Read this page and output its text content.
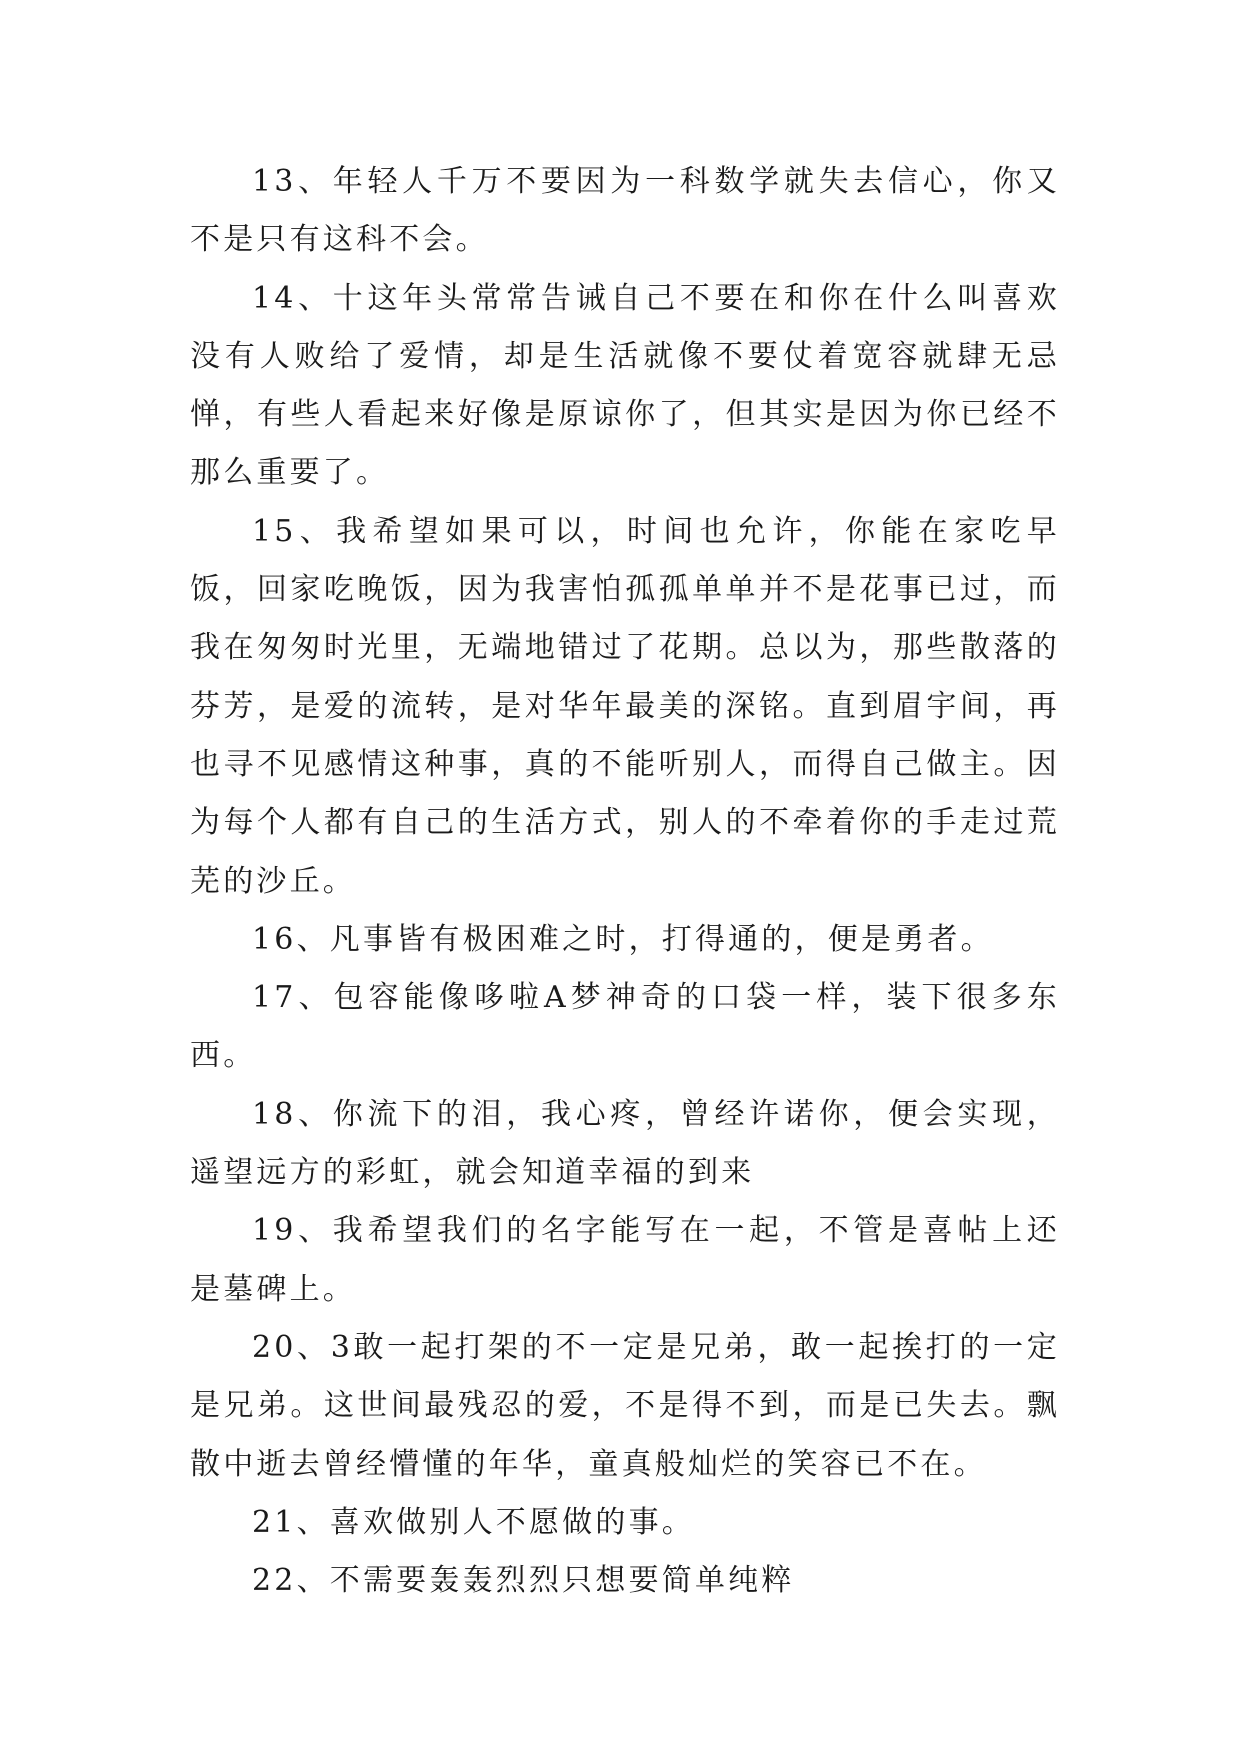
13、年轻人千万不要因为一科数学就失去信心，你又不是只有这科不会。

14、十这年头常常告诫自己不要在和你在什么叫喜欢没有人败给了爱情，却是生活就像不要仗着宽容就肆无忌惮，有些人看起来好像是原谅你了，但其实是因为你已经不那么重要了。

15、我希望如果可以，时间也允许，你能在家吃早饭，回家吃晚饭，因为我害怕孤孤单单并不是花事已过，而我在匆匆时光里，无端地错过了花期。总以为，那些散落的芬芳，是爱的流转，是对华年最美的深铭。直到眉宇间，再也寻不见感情这种事，真的不能听别人，而得自己做主。因为每个人都有自己的生活方式，别人的不牵着你的手走过荒芜的沙丘。

16、凡事皆有极困难之时，打得通的，便是勇者。

17、包容能像哆啦A梦神奇的口袋一样，装下很多东西。

18、你流下的泪，我心疼，曾经许诺你，便会实现，遥望远方的彩虹，就会知道幸福的到来

19、我希望我们的名字能写在一起，不管是喜帖上还是墓碑上。

20、3敢一起打架的不一定是兄弟，敢一起挨打的一定是兄弟。这世间最残忍的爱，不是得不到，而是已失去。飘散中逝去曾经懵懂的年华，童真般灿烂的笑容已不在。

21、喜欢做别人不愿做的事。

22、不需要轰轰烈烈只想要简单纯粹
